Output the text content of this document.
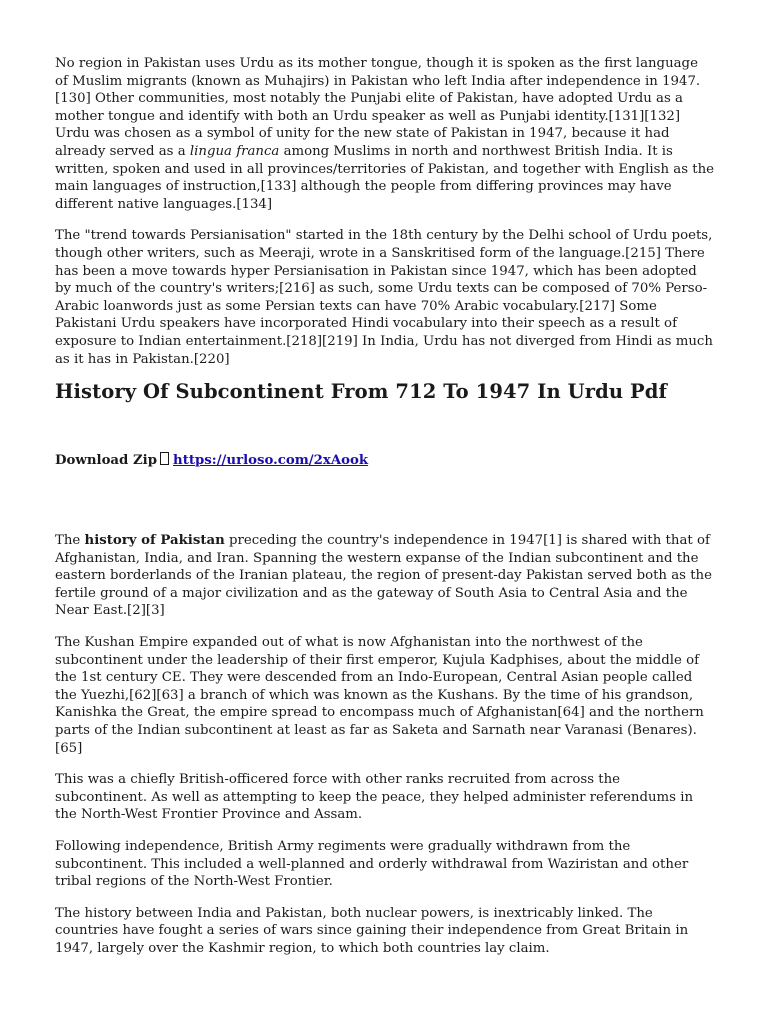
No region in Pakistan uses Urdu as its mother tongue, though it is spoken as the first language of Muslim migrants (known as Muhajirs) in Pakistan who left India after independence in 1947.[130] Other communities, most notably the Punjabi elite of Pakistan, have adopted Urdu as a mother tongue and identify with both an Urdu speaker as well as Punjabi identity.[131][132] Urdu was chosen as a symbol of unity for the new state of Pakistan in 1947, because it had already served as a lingua franca among Muslims in north and northwest British India. It is written, spoken and used in all provinces/territories of Pakistan, and together with English as the main languages of instruction,[133] although the people from differing provinces may have different native languages.[134]

The "trend towards Persianisation" started in the 18th century by the Delhi school of Urdu poets, though other writers, such as Meeraji, wrote in a Sanskritised form of the language.[215] There has been a move towards hyper Persianisation in Pakistan since 1947, which has been adopted by much of the country's writers;[216] as such, some Urdu texts can be composed of 70% Perso-Arabic loanwords just as some Persian texts can have 70% Arabic vocabulary.[217] Some Pakistani Urdu speakers have incorporated Hindi vocabulary into their speech as a result of exposure to Indian entertainment.[218][219] In India, Urdu has not diverged from Hindi as much as it has in Pakistan.[220]

History Of Subcontinent From 712 To 1947 In Urdu Pdf
Download Zip https://urloso.com/2xAook

The history of Pakistan preceding the country's independence in 1947[1] is shared with that of Afghanistan, India, and Iran. Spanning the western expanse of the Indian subcontinent and the eastern borderlands of the Iranian plateau, the region of present-day Pakistan served both as the fertile ground of a major civilization and as the gateway of South Asia to Central Asia and the Near East.[2][3]

The Kushan Empire expanded out of what is now Afghanistan into the northwest of the subcontinent under the leadership of their first emperor, Kujula Kadphises, about the middle of the 1st century CE. They were descended from an Indo-European, Central Asian people called the Yuezhi,[62][63] a branch of which was known as the Kushans. By the time of his grandson, Kanishka the Great, the empire spread to encompass much of Afghanistan[64] and the northern parts of the Indian subcontinent at least as far as Saketa and Sarnath near Varanasi (Benares).[65]

This was a chiefly British-officered force with other ranks recruited from across the subcontinent. As well as attempting to keep the peace, they helped administer referendums in the North-West Frontier Province and Assam.

Following independence, British Army regiments were gradually withdrawn from the subcontinent. This included a well-planned and orderly withdrawal from Waziristan and other tribal regions of the North-West Frontier.

The history between India and Pakistan, both nuclear powers, is inextricably linked. The countries have fought a series of wars since gaining their independence from Great Britain in 1947, largely over the Kashmir region, to which both countries lay claim.
